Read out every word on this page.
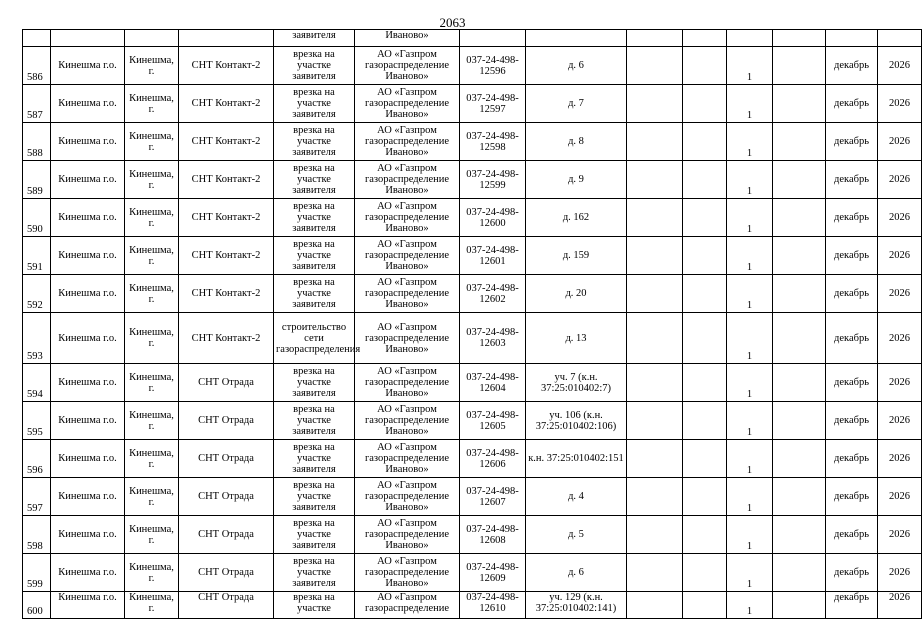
2063
				заявителя	Иваново»								
586	Кинешма г.о.	Кинешма, г.	СНТ Контакт-2	врезка на участке заявителя	АО «Газпром газораспределение Иваново»	037-24-498-12596	д. 6			1		декабрь	2026
587	Кинешма г.о.	Кинешма, г.	СНТ Контакт-2	врезка на участке заявителя	АО «Газпром газораспределение Иваново»	037-24-498-12597	д. 7			1		декабрь	2026
588	Кинешма г.о.	Кинешма, г.	СНТ Контакт-2	врезка на участке заявителя	АО «Газпром газораспределение Иваново»	037-24-498-12598	д. 8			1		декабрь	2026
589	Кинешма г.о.	Кинешма, г.	СНТ Контакт-2	врезка на участке заявителя	АО «Газпром газораспределение Иваново»	037-24-498-12599	д. 9			1		декабрь	2026
590	Кинешма г.о.	Кинешма, г.	СНТ Контакт-2	врезка на участке заявителя	АО «Газпром газораспределение Иваново»	037-24-498-12600	д. 162			1		декабрь	2026
591	Кинешма г.о.	Кинешма, г.	СНТ Контакт-2	врезка на участке заявителя	АО «Газпром газораспределение Иваново»	037-24-498-12601	д. 159			1		декабрь	2026
592	Кинешма г.о.	Кинешма, г.	СНТ Контакт-2	врезка на участке заявителя	АО «Газпром газораспределение Иваново»	037-24-498-12602	д. 20			1		декабрь	2026
593	Кинешма г.о.	Кинешма, г.	СНТ Контакт-2	строительство сети газораспределения	АО «Газпром газораспределение Иваново»	037-24-498-12603	д. 13			1		декабрь	2026
594	Кинешма г.о.	Кинешма, г.	СНТ Отрада	врезка на участке заявителя	АО «Газпром газораспределение Иваново»	037-24-498-12604	уч. 7 (к.н. 37:25:010402:7)			1		декабрь	2026
595	Кинешма г.о.	Кинешма, г.	СНТ Отрада	врезка на участке заявителя	АО «Газпром газораспределение Иваново»	037-24-498-12605	уч. 106 (к.н. 37:25:010402:106)			1		декабрь	2026
596	Кинешма г.о.	Кинешма, г.	СНТ Отрада	врезка на участке заявителя	АО «Газпром газораспределение Иваново»	037-24-498-12606	к.н. 37:25:010402:151			1		декабрь	2026
597	Кинешма г.о.	Кинешма, г.	СНТ Отрада	врезка на участке заявителя	АО «Газпром газораспределение Иваново»	037-24-498-12607	д. 4			1		декабрь	2026
598	Кинешма г.о.	Кинешма, г.	СНТ Отрада	врезка на участке заявителя	АО «Газпром газораспределение Иваново»	037-24-498-12608	д. 5			1		декабрь	2026
599	Кинешма г.о.	Кинешма, г.	СНТ Отрада	врезка на участке заявителя	АО «Газпром газораспределение Иваново»	037-24-498-12609	д. 6			1		декабрь	2026
600	Кинешма г.о.	Кинешма, г.	СНТ Отрада	врезка на участке	АО «Газпром газораспределение	037-24-498-12610	уч. 129 (к.н. 37:25:010402:141)			1		декабрь	2026
